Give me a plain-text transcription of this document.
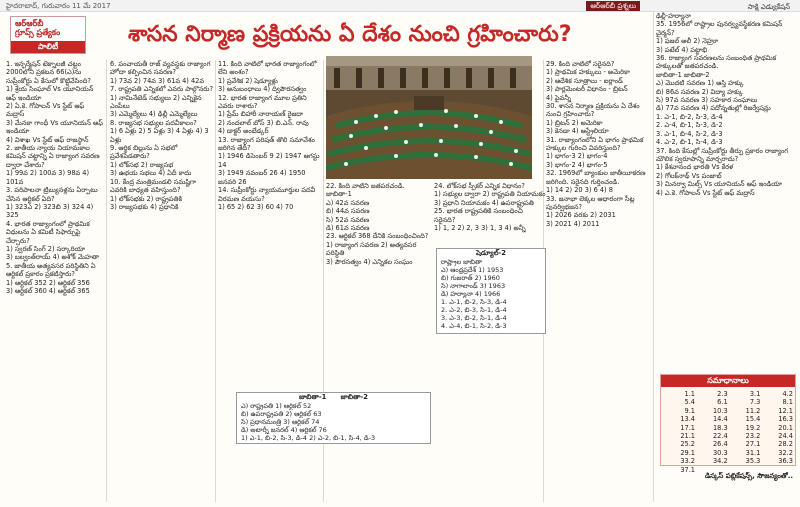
హైదరాబాద్, గురువారం 11 మే 2017	ఆర్‌ఆర్‌బీ ప్రశ్నలు	సాక్షి ఎడ్యుకేషన్
ఆర్‌ఆర్‌బీ
గ్రూప్స్ ప్రత్యేకం
పాలిటీ	శాసన నిర్మాణ ప్రక్రియను ఏ దేశం నుంచి గ్రహించారు?

1. ఇన్ఫర్మేషన్ టెక్నాలజీ చట్టం 2000లోని ప్రకటన 66(ఎ)ను సుప్రీంకోర్టు ఏ కేసులో కొట్టివేసింది?

1) శ్రేయ సింఘాల్ Vs యూనియన్ ఆఫ్ ఇండియా

2) ఏ.కె. గోపాలన్ Vs స్టేట్ ఆఫ్ మద్రాస్

3) మేనకా గాంధీ Vs యూనియన్ ఆఫ్ ఇండియా

4) విశాఖ Vs స్టేట్ ఆఫ్ రాజస్థాన్

2. జాతీయ న్యాయ నియామకాల కమిషన్ చట్టాన్ని ఏ రాజ్యాంగ సవరణ ద్వారా చేశారు?

1) 99వ 2) 100వ 3) 98వ 4) 101వ

3. పరిపాలనా ట్రిబ్యునళ్లను ఏర్పాటు చేసిన ఆర్టికల్ ఏది?

1) 323ఎ 2) 323బి 3) 324 4) 325

4. భారత రాజ్యాంగంలో ప్రాథమిక విధులను ఏ కమిటీ సిఫార్సుపై చేర్చారు?

1) స్వరణ్ సింగ్ 2) సర్కారియా

3) బల్వంత్‌రాయ్ 4) అశోక్ మెహతా

5. జాతీయ అత్యవసర పరిస్థితిని ఏ ఆర్టికల్ ప్రకారం ప్రకటిస్తారు?

1) ఆర్టికల్ 352 2) ఆర్టికల్ 356

3) ఆర్టికల్ 360 4) ఆర్టికల్ 365

6. పంచాయతీ రాజ్ వ్యవస్థకు రాజ్యాంగ హోదా కల్పించిన సవరణ?

1) 73వ 2) 74వ 3) 61వ 4) 42వ

7. రాష్ట్రపతి ఎన్నికలో ఎవరు పాల్గొనరు?

1) నామినేటెడ్ సభ్యులు 2) ఎన్నికైన ఎంపీలు

3) ఎమ్మెల్యేలు 4) ఢిల్లీ ఎమ్మెల్యేలు

8. రాజ్యసభ సభ్యుల పదవీకాలం?

1) 6 ఏళ్లు 2) 5 ఏళ్లు 3) 4 ఏళ్లు 4) 3 ఏళ్లు

9. ఆర్థిక బిల్లును ఏ సభలో ప్రవేశపెడతారు?

1) లోక్‌సభ 2) రాజ్యసభ

3) ఉభయ సభలు 4) ఏదీ కాదు

10. కేంద్ర మంత్రిమండలి సమష్టిగా ఎవరికి బాధ్యత వహిస్తుంది?

1) లోక్‌సభకు 2) రాష్ట్రపతికి

3) రాజ్యసభకు 4) ప్రధానికి

11. కింది వాటిలో భారత రాజ్యాంగంలో లేని అంశం?

1) ప్రవేశిక 2) షెడ్యూళ్లు

3) అనుబంధాలు 4) ద్విపౌరసత్వం

12. భారత రాజ్యాంగ మూల ప్రతిని ఎవరు రాశారు?

1) ప్రేమ్ బిహారీ నారాయణ్ రైజదా

2) నందలాల్ బోస్ 3) బి.ఎన్. రావు

4) డాక్టర్ అంబేడ్కర్

13. రాజ్యాంగ పరిషత్ తొలి సమావేశం జరిగిన తేదీ?

1) 1946 డిసెంబర్ 9 2) 1947 ఆగస్టు 14

3) 1949 నవంబర్ 26 4) 1950 జనవరి 26

14. సుప్రీంకోర్టు న్యాయమూర్తుల పదవీ విరమణ వయసు?

1) 65 2) 62 3) 60 4) 70

22. కింది వాటిని జతపరచండి.

జాబితా-1

ఎ) 42వ సవరణ

బి) 44వ సవరణ

సి) 52వ సవరణ

డి) 61వ సవరణ

23. ఆర్టికల్ 368 దేనికి సంబంధించింది?

1) రాజ్యాంగ సవరణ 2) అత్యవసర పరిస్థితి

3) పౌరసత్వం 4) ఎన్నికల సంఘం

24. లోక్‌సభ స్పీకర్ ఎన్నిక విధానం?

1) సభ్యుల ద్వారా 2) రాష్ట్రపతి నియామకం

3) ప్రధాని నియామకం 4) ఉపరాష్ట్రపతి

25. భారత రాష్ట్రపతికి సంబంధించి సరైనది?

1) 1, 2 2) 2, 3 3) 1, 3 4) అన్నీ

29. కింది వాటిలో సరైనది?

1) ప్రాథమిక హక్కులు - అమెరికా

2) ఆదేశిక సూత్రాలు - ఐర్లాండ్

3) పార్లమెంటరీ విధానం - బ్రిటన్

4) పైవన్నీ

30. శాసన నిర్మాణ ప్రక్రియను ఏ దేశం నుంచి గ్రహించారు?

1) బ్రిటన్ 2) అమెరికా

3) కెనడా 4) ఆస్ట్రేలియా

31. రాజ్యాంగంలోని ఏ భాగం ప్రాథమిక హక్కుల గురించి వివరిస్తుంది?

1) భాగం-3 2) భాగం-4

3) భాగం-2 4) భాగం-5

32. 1969లో బ్యాంకుల జాతీయీకరణ జరిగింది. సరైనది గుర్తించండి.

1) 14 2) 20 3) 6 4) 8

33. జనాభా లెక్కల ఆధారంగా సీట్ల పునర్విభజన?

1) 2026 వరకు 2) 2031

3) 2021 4) 2011

ఢిల్లీ-హర్యానా

35. 1956లో రాష్ట్రాల పునర్వ్యవస్థీకరణ కమిషన్ చైర్మన్?

1) ఫజల్ అలీ 2) నెహ్రూ

3) పటేల్ 4) పట్టాభి

36. రాజ్యాంగ సవరణలను సంబంధిత ప్రాథమిక హక్కులతో జతపరచండి.

జాబితా-1 జాబితా-2

ఎ) మొదటి సవరణ 1) ఆస్తి హక్కు

బి) 86వ సవరణ 2) విద్యా హక్కు

సి) 97వ సవరణ 3) సహకార సంఘాలు

డి) 77వ సవరణ 4) పదోన్నతుల్లో రిజర్వేషన్లు

1. ఎ-1, బి-2, సి-3, డి-4

2. ఎ-4, బి-1, సి-3, డి-2

3. ఎ-1, బి-4, సి-2, డి-3

4. ఎ-2, బి-1, సి-4, డి-3

37. కింది కేసుల్లో సుప్రీంకోర్టు తీర్పు ప్రకారం రాజ్యాంగ మౌలిక స్వరూపాన్ని మార్చరాదు?

1) కేశవానంద భారతి Vs కేరళ

2) గోలక్‌నాథ్ Vs పంజాబ్

3) మినర్వా మిల్స్ Vs యూనియన్ ఆఫ్ ఇండియా

4) ఎ.కె. గోపాలన్ Vs స్టేట్ ఆఫ్ మద్రాస్

జాబితా-1 జాబితా-2
ఎ) రాష్ట్రపతి 1) ఆర్టికల్ 52
బి) ఉపరాష్ట్రపతి 2) ఆర్టికల్ 63
సి) ప్రధానమంత్రి 3) ఆర్టికల్ 74
డి) అటార్నీ జనరల్ 4) ఆర్టికల్ 76
1) ఎ-1, బి-2, సి-3, డి-4 2) ఎ-2, బి-1, సి-4, డి-3
షెడ్యూల్-2
రాష్ట్రాల జాబితా
ఎ) ఆంధ్రప్రదేశ్ 1) 1953
బి) గుజరాత్ 2) 1960
సి) నాగాలాండ్ 3) 1963
డి) హర్యానా 4) 1966
1. ఎ-1, బి-2, సి-3, డి-4
2. ఎ-2, బి-3, సి-1, డి-4
3. ఎ-3, బి-2, సి-1, డి-4
4. ఎ-4, బి-1, సి-2, డి-3
సమాధానాలు
1.1	2.3	3.1	4.2
5.4	6.1	7.3	8.1
9.1	10.3	11.2	12.1
13.4	14.4	15.4	16.3
17.1	18.3	19.2	20.1
21.1	22.4	23.2	24.4
25.2	26.4	27.1	28.2
29.1	30.3	31.1	32.2
33.2	34.2	35.3	36.3
37.1
డిస్కస్ పబ్లికేషన్స్, సౌజన్యంతో..
